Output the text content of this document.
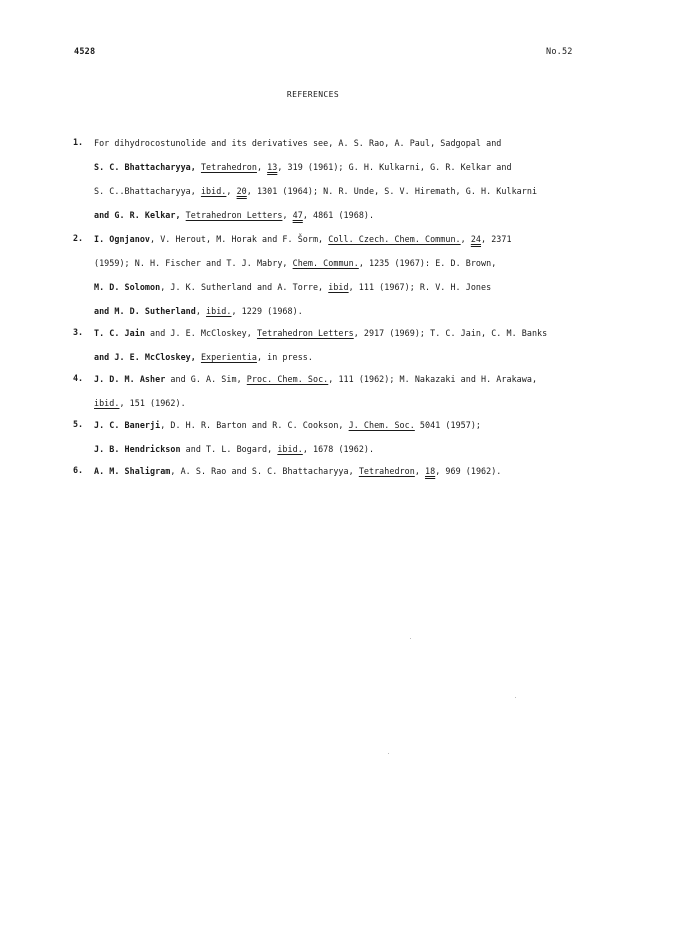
4528	No.52
REFERENCES
1. For dihydrocostunolide and its derivatives see, A. S. Rao, A. Paul, Sadgopal and
S. C. Bhattacharyya, Tetrahedron, 13, 319 (1961); G. H. Kulkarni, G. R. Kelkar and
S. C..Bhattacharyya, ibid., 20, 1301 (1964); N. R. Unde, S. V. Hiremath, G. H. Kulkarni
and G. R. Kelkar, Tetrahedron Letters, 47, 4861 (1968).
2. I. Ognjanov, V. Herout, M. Horak and F. Šorm, Coll. Czech. Chem. Commun., 24, 2371
(1959); N. H. Fischer and T. J. Mabry, Chem. Commun., 1235 (1967): E. D. Brown,
M. D. Solomon, J. K. Sutherland and A. Torre, ibid, 111 (1967); R. V. H. Jones
and M. D. Sutherland, ibid., 1229 (1968).
3. T. C. Jain and J. E. McCloskey, Tetrahedron Letters, 2917 (1969); T. C. Jain, C. M. Banks
and J. E. McCloskey, Experientia, in press.
4. J. D. M. Asher and G. A. Sim, Proc. Chem. Soc., 111 (1962); M. Nakazaki and H. Arakawa,
ibid., 151 (1962).
5. J. C. Banerji, D. H. R. Barton and R. C. Cookson, J. Chem. Soc. 5041 (1957);
J. B. Hendrickson and T. L. Bogard, ibid., 1678 (1962).
6. A. M. Shaligram, A. S. Rao and S. C. Bhattacharyya, Tetrahedron, 18, 969 (1962).
